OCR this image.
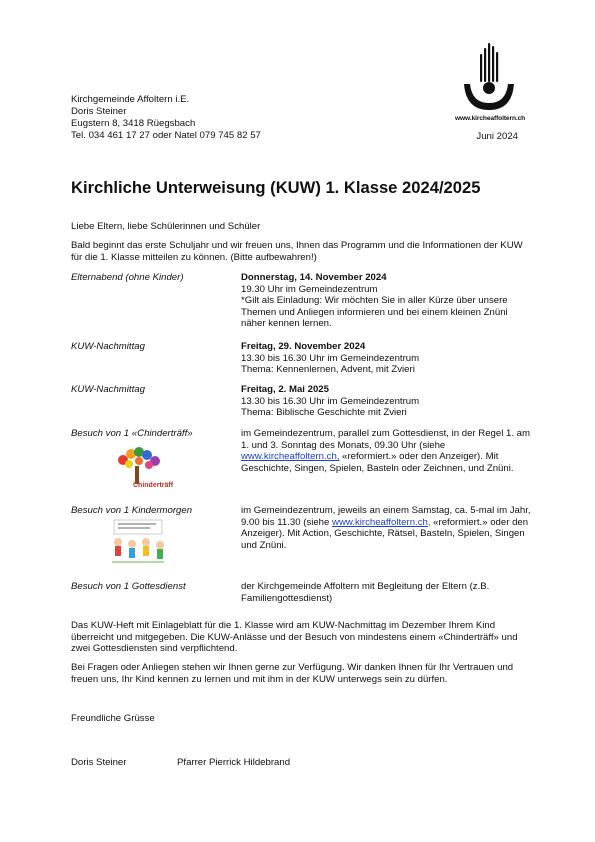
www.kircheaffoltern.ch
Kirchgemeinde Affoltern i.E.
Doris Steiner
Eugstern 8, 3418 Rüegsbach
Tel. 034 461 17 27 oder Natel 079 745 82 57	Juni 2024
Kirchliche Unterweisung (KUW) 1. Klasse 2024/2025
Liebe Eltern, liebe Schülerinnen und Schüler
Bald beginnt das erste Schuljahr und wir freuen uns, Ihnen das Programm und die Informationen der KUW für die 1. Klasse mitteilen zu können. (Bitte aufbewahren!)
Elternabend (ohne Kinder)	Donnerstag, 14. November 2024
19.30 Uhr im Gemeindezentrum
*Gilt als Einladung: Wir möchten Sie in aller Kürze über unsere Themen und Anliegen informieren und bei einem kleinen Znüni näher kennen lernen.
KUW-Nachmittag	Freitag, 29. November 2024
13.30 bis 16.30 Uhr im Gemeindezentrum
Thema: Kennenlernen, Advent, mit Zvieri
KUW-Nachmittag	Freitag, 2. Mai 2025
13.30 bis 16.30 Uhr im Gemeindezentrum
Thema: Biblische Geschichte mit Zvieri
Besuch von 1 «Chinderträff»	im Gemeindezentrum, parallel zum Gottesdienst, in der Regel 1. am 1. und 3. Sonntag des Monats, 09.30 Uhr (siehe www.kircheaffoltern.ch, «reformiert.» oder den Anzeiger). Mit Geschichte, Singen, Spielen, Basteln oder Zeichnen, und Znüni.
Chinderträff
Besuch von 1 Kindermorgen	im Gemeindezentrum, jeweils an einem Samstag, ca. 5-mal im Jahr, 9.00 bis 11.30 (siehe www.kircheaffoltern.ch, «reformiert.» oder den Anzeiger). Mit Action, Geschichte, Rätsel, Basteln, Spielen, Singen und Znüni.
Besuch von 1 Gottesdienst	der Kirchgemeinde Affoltern mit Begleitung der Eltern (z.B. Familiengottesdienst)
Das KUW-Heft mit Einlageblatt für die 1. Klasse wird am KUW-Nachmittag im Dezember Ihrem Kind überreicht und mitgegeben. Die KUW-Anlässe und der Besuch von mindestens einem «Chinderträff» und zwei Gottesdiensten sind verpflichtend.
Bei Fragen oder Anliegen stehen wir Ihnen gerne zur Verfügung. Wir danken Ihnen für Ihr Vertrauen und freuen uns, Ihr Kind kennen zu lernen und mit ihm in der KUW unterwegs sein zu dürfen.
Freundliche Grüsse
Doris Steiner	Pfarrer Pierrick Hildebrand
